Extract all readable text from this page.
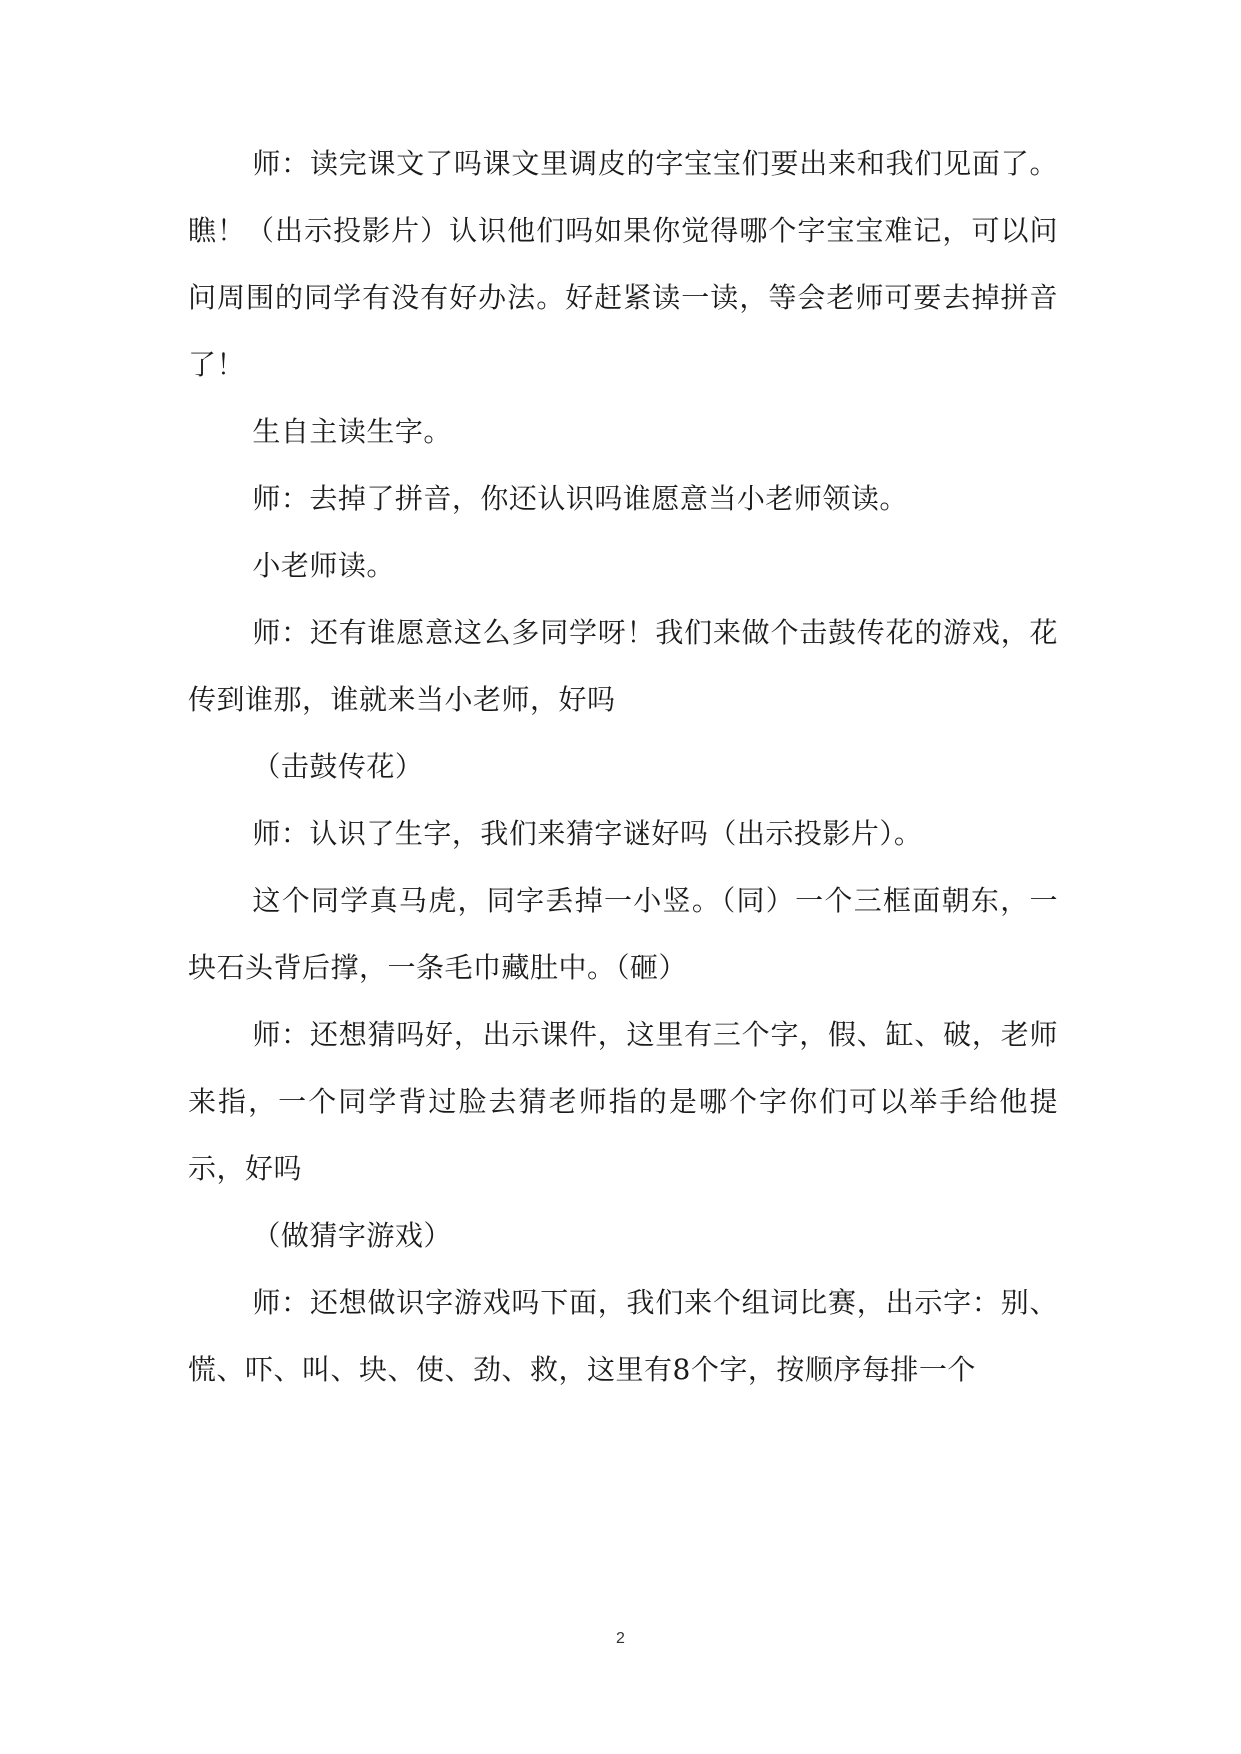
师：读完课文了吗课文里调皮的字宝宝们要出来和我们见面了。瞧！（出示投影片）认识他们吗如果你觉得哪个字宝宝难记，可以问问周围的同学有没有好办法。好赶紧读一读，等会老师可要去掉拼音了！

生自主读生字。

师：去掉了拼音，你还认识吗谁愿意当小老师领读。

小老师读。

师：还有谁愿意这么多同学呀！我们来做个击鼓传花的游戏，花传到谁那，谁就来当小老师，好吗

（击鼓传花）

师：认识了生字，我们来猜字谜好吗（出示投影片）。

这个同学真马虎，同字丢掉一小竖。（同）一个三框面朝东，一块石头背后撑，一条毛巾藏肚中。（砸）

师：还想猜吗好，出示课件，这里有三个字，假、缸、破，老师来指，一个同学背过脸去猜老师指的是哪个字你们可以举手给他提示，好吗

（做猜字游戏）

师：还想做识字游戏吗下面，我们来个组词比赛，出示字：别、慌、吓、叫、块、使、劲、救，这里有8个字，按顺序每排一个

2
